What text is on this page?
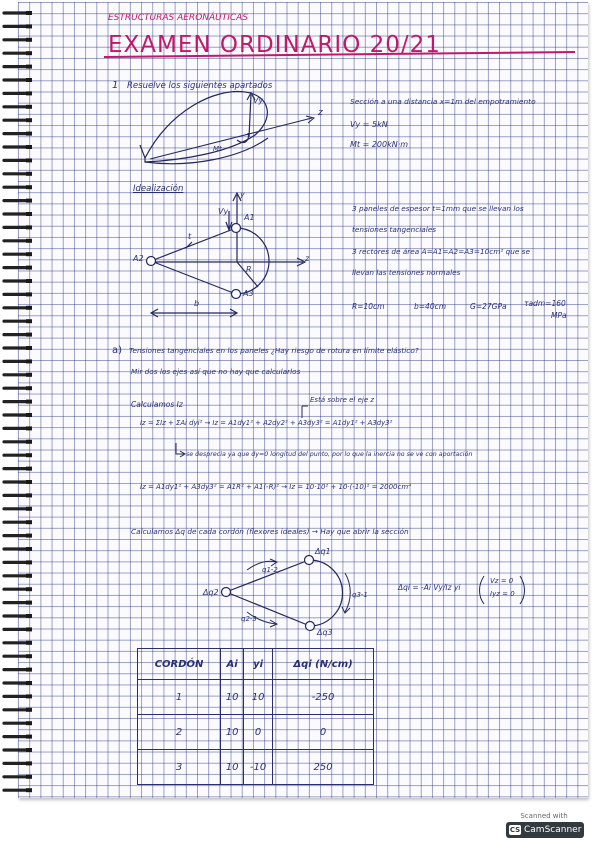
ESTRUCTURAS AERONÁUTICAS
EXAMEN ORDINARIO 20/21
1 Resuelve los siguientes apartados
Sección a una distancia x=1m del empotramiento
Vy = 5kN
Mt = 200kN·m
Vy
z
Mt
Idealización
y
Vy
A1
A2	z
R
t
A3
b
3 paneles de espesor t=1mm que se llevan los
tensiones tangenciales
3 rectores de área A=A1=A2=A3=10cm² que se
llevan las tensiones normales
R=10cm	b=40cm	G=27GPa τadm=160
MPa
a) Tensiones tangenciales en los paneles ¿Hay riesgo de rotura en límite elástico?
Mir dos los ejes así que no hay que calcularlos
Calculamos Iz	Está sobre el eje z
Iz = ΣIz + ΣAi dyi² → Iz = A1dy1² + A2dy2² + A3dy3² = A1dy1² + A3dy3²
se desprecia ya que dy=0 longitud del punto, por lo que la inercia no se ve con aportación
Iz = A1dy1² + A3dy3² = A1R² + A1(-R)² → Iz = 10·10² + 10·(-10)² = 2000cm⁴
Calculamos Δq de cada cordón (flexores ideales) → Hay que abrir la sección
Δq1
q1-2
Δq2	q3-1
q2-3
Δq3
Δqi = -Ai Vy/Iz yi
Vz = 0
Iyz = 0
CORDÓN	Ai	yi	Δqi (N/cm)
1	10	10	-250
2	10	0	0
3	10	-10	250
Scanned with
CS CamScanner
